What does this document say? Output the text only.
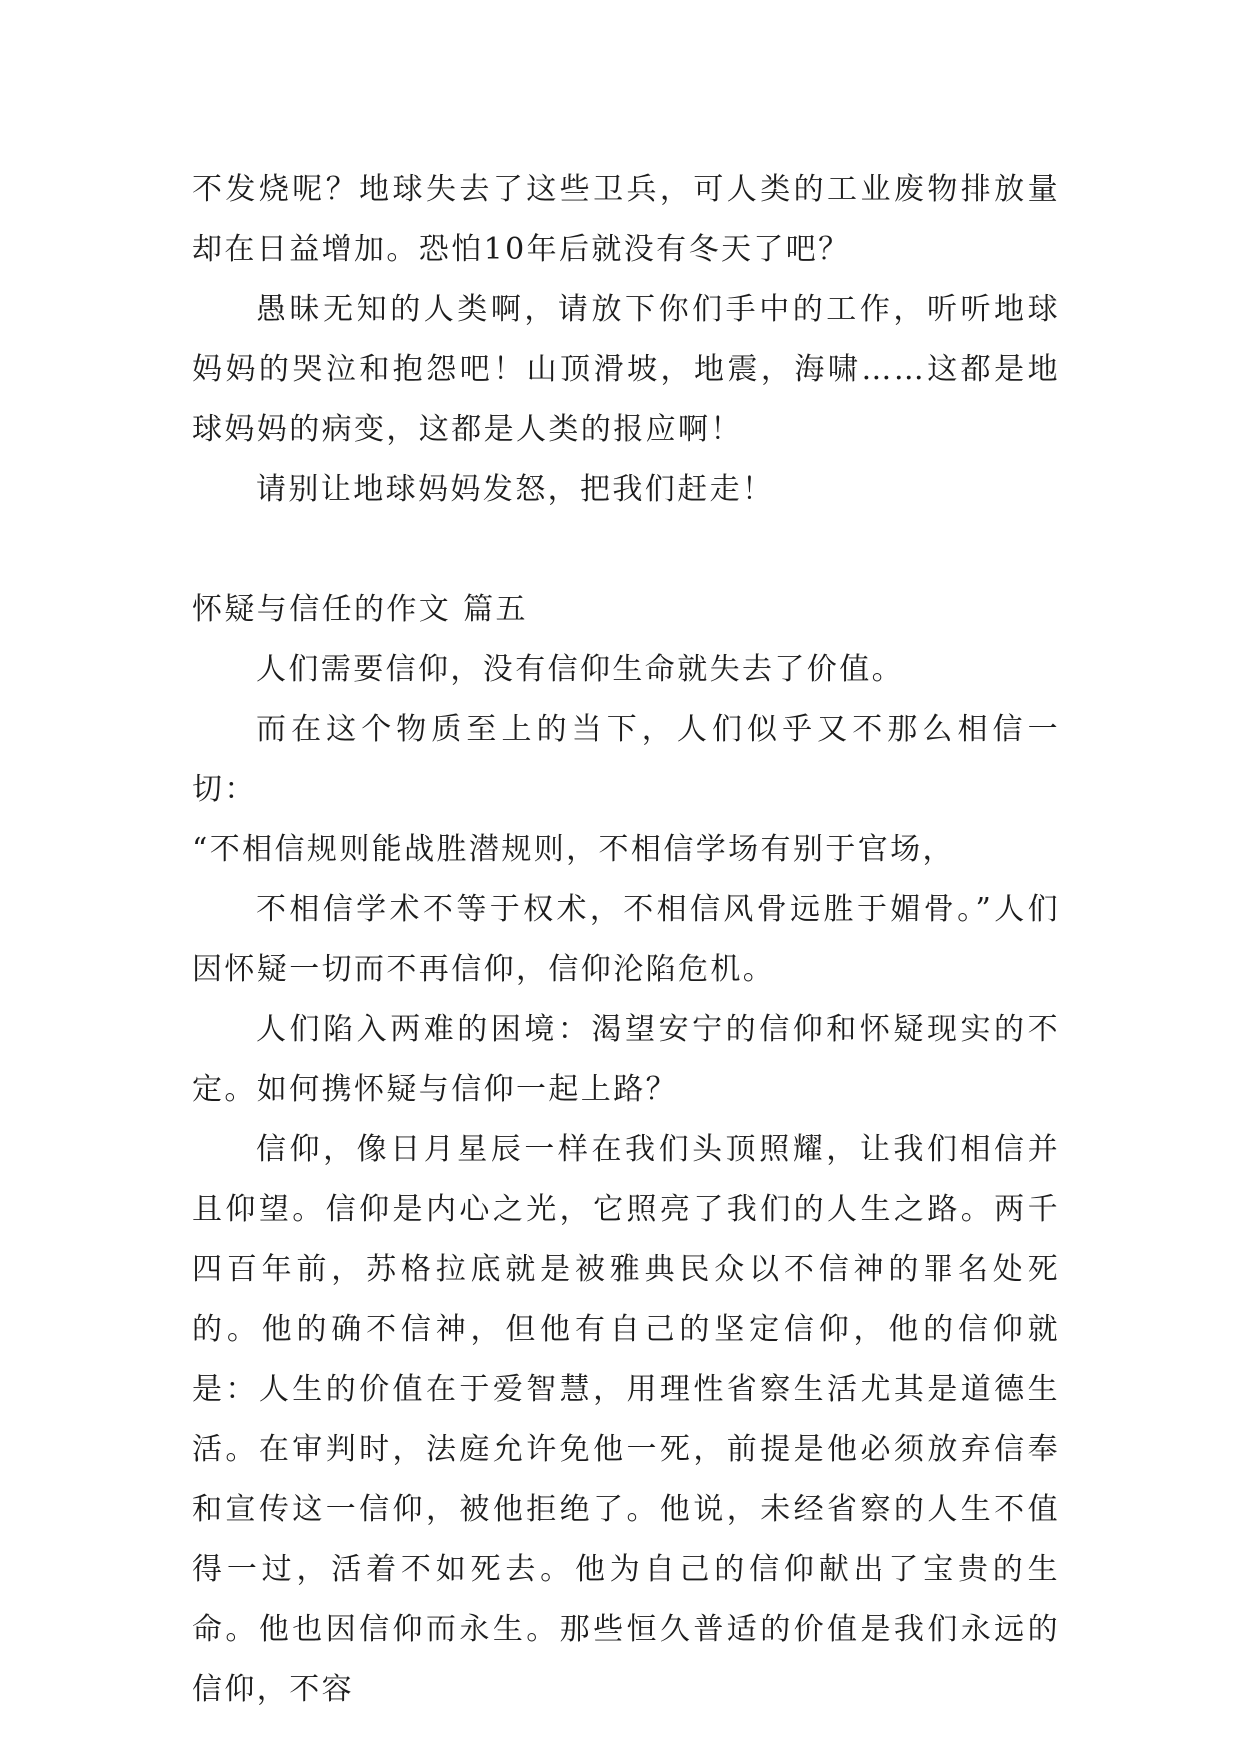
不发烧呢？地球失去了这些卫兵，可人类的工业废物排放量却在日益增加。恐怕10年后就没有冬天了吧？

愚昧无知的人类啊，请放下你们手中的工作，听听地球妈妈的哭泣和抱怨吧！山顶滑坡，地震，海啸……这都是地球妈妈的病变，这都是人类的报应啊！

请别让地球妈妈发怒，把我们赶走！

怀疑与信任的作文 篇五

人们需要信仰，没有信仰生命就失去了价值。

而在这个物质至上的当下，人们似乎又不那么相信一切：

“不相信规则能战胜潜规则，不相信学场有别于官场，

不相信学术不等于权术，不相信风骨远胜于媚骨。”人们因怀疑一切而不再信仰，信仰沦陷危机。

人们陷入两难的困境：渴望安宁的信仰和怀疑现实的不定。如何携怀疑与信仰一起上路？

信仰，像日月星辰一样在我们头顶照耀，让我们相信并且仰望。信仰是内心之光，它照亮了我们的人生之路。两千四百年前，苏格拉底就是被雅典民众以不信神的罪名处死的。他的确不信神，但他有自己的坚定信仰，他的信仰就是：人生的价值在于爱智慧，用理性省察生活尤其是道德生活。在审判时，法庭允许免他一死，前提是他必须放弃信奉和宣传这一信仰，被他拒绝了。他说，未经省察的人生不值得一过，活着不如死去。他为自己的信仰献出了宝贵的生命。他也因信仰而永生。那些恒久普适的价值是我们永远的信仰，不容
